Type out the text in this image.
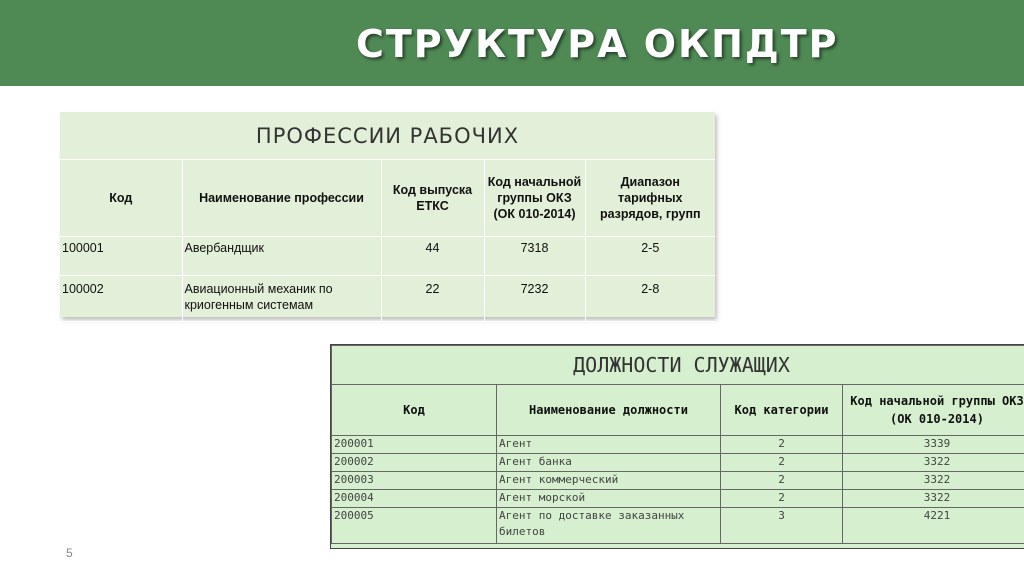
СТРУКТУРА ОКПДТР
ПРОФЕССИИ РАБОЧИХ				
Код	Наименование профессии	Код выпуска ЕТКС	Код начальной группы ОКЗ (ОК 010-2014)	Диапазон тарифных разрядов, групп
100001	Авербандщик	44	7318	2-5
100002	Авиационный механик по криогенным системам	22	7232	2-8
ДОЛЖНОСТИ СЛУЖАЩИХ			
Код	Наименование должности	Код категории	Код начальной группы ОКЗ (ОК 010-2014)
200001	Агент	2	3339
200002	Агент банка	2	3322
200003	Агент коммерческий	2	3322
200004	Агент морской	2	3322
200005	Агент по доставке заказанных билетов	3	4221
5
